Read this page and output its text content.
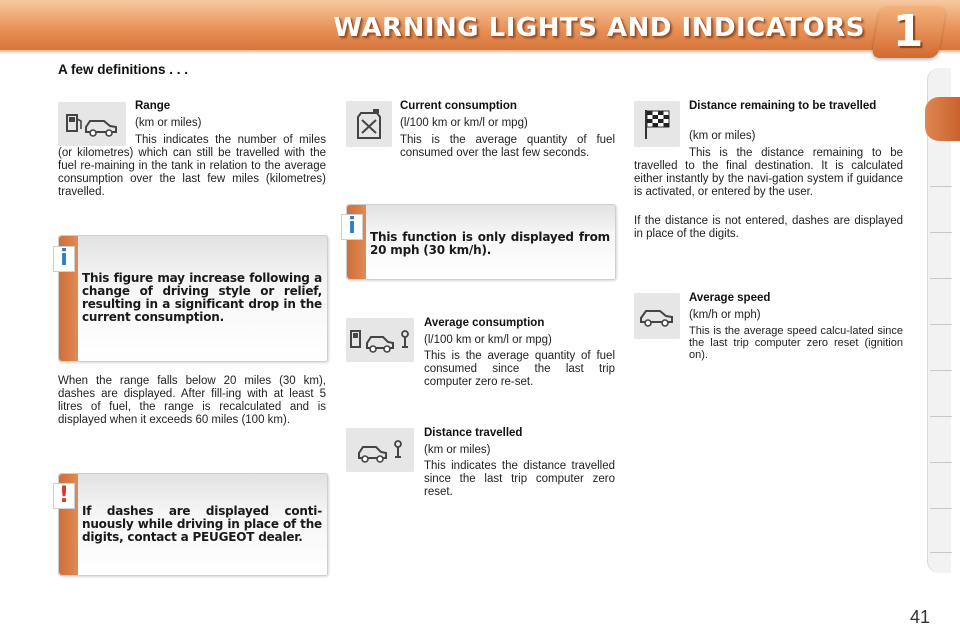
WARNING LIGHTS AND INDICATORS 1
A few definitions . . .
Range
(km or miles)
This indicates the number of miles (or kilometres) which can still be travelled with the fuel re-maining in the tank in relation to the average consumption over the last few miles (kilometres) travelled.
i
This figure may increase following a change of driving style or relief, resulting in a significant drop in the current consumption.
When the range falls below 20 miles (30 km), dashes are displayed. After fill-ing with at least 5 litres of fuel, the range is recalculated and is displayed when it exceeds 60 miles (100 km).
!
If dashes are displayed conti-nuously while driving in place of the digits, contact a PEUGEOT dealer.
Current consumption
(l/100 km or km/l or mpg)
This is the average quantity of fuel consumed over the last few seconds.
i	This function is only displayed from 20 mph (30 km/h).
Average consumption
(l/100 km or km/l or mpg)
This is the average quantity of fuel consumed since the last trip computer zero re-set.
Distance travelled
(km or miles)
This indicates the distance travelled since the last trip computer zero reset.
Distance remaining to be travelled
(km or miles)
This is the distance remaining to be travelled to the final destination. It is calculated either instantly by the navi-gation system if guidance is activated, or entered by the user.
If the distance is not entered, dashes are displayed in place of the digits.
Average speed
(km/h or mph)
This is the average speed calcu-lated since the last trip computer zero reset (ignition on).
41
